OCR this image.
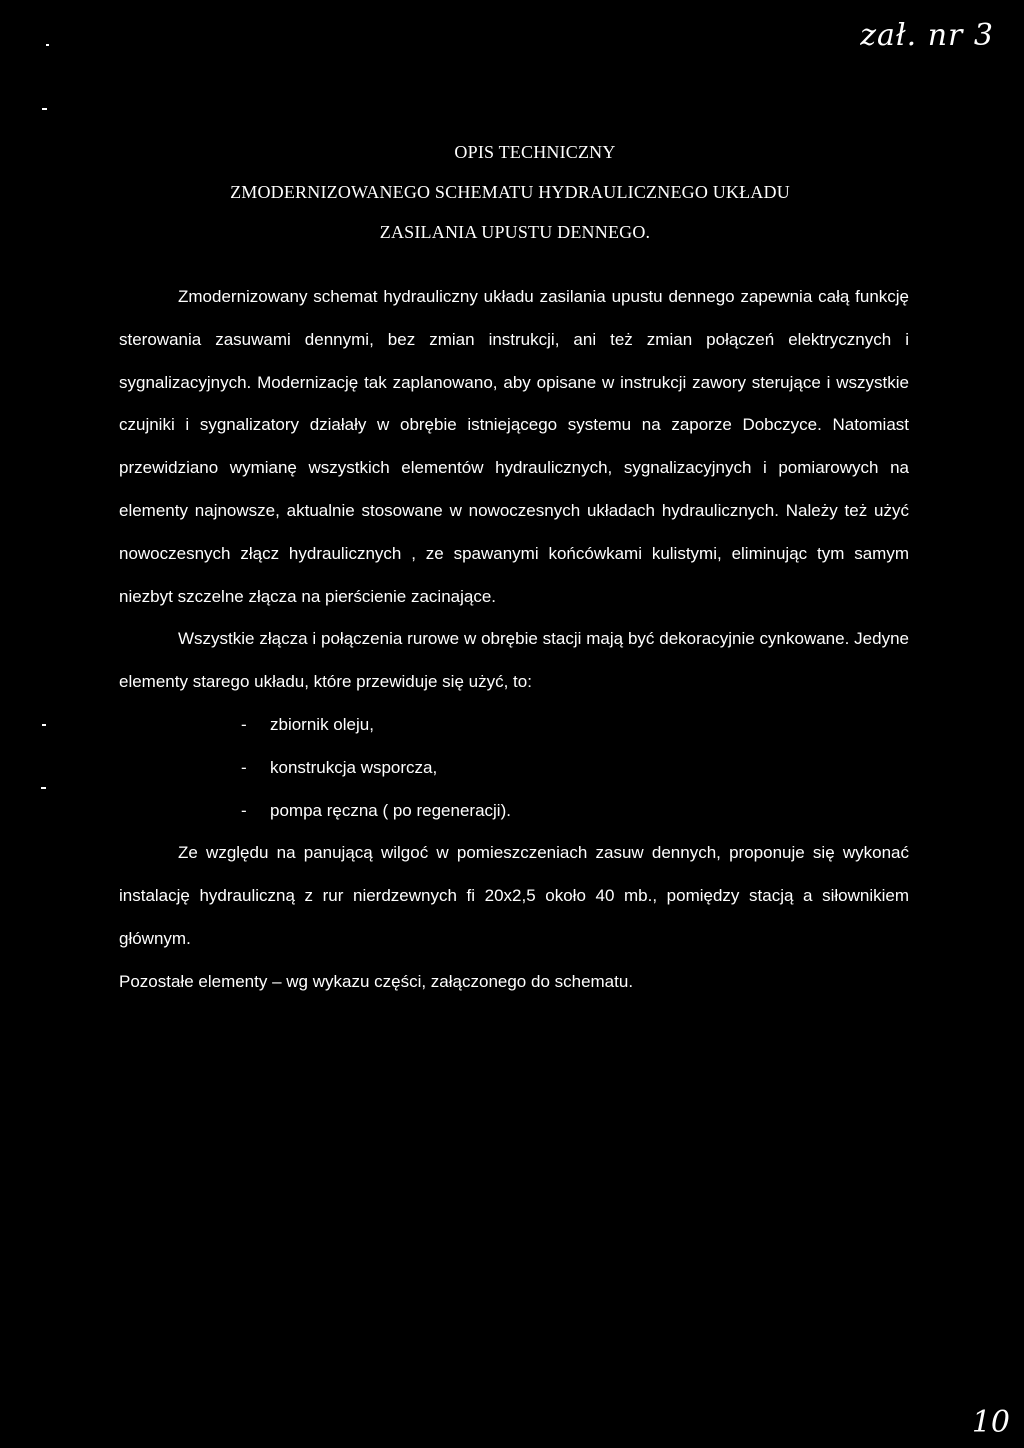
zał. nr 3
OPIS TECHNICZNY
ZMODERNIZOWANEGO SCHEMATU HYDRAULICZNEGO UKŁADU
ZASILANIA UPUSTU DENNEGO.

Zmodernizowany schemat hydrauliczny układu zasilania upustu dennego zapewnia całą funkcję sterowania zasuwami dennymi, bez zmian instrukcji, ani też zmian połączeń elektrycznych i sygnalizacyjnych. Modernizację tak zaplanowano, aby opisane w instrukcji zawory sterujące i wszystkie czujniki i sygnalizatory działały w obrębie istniejącego systemu na zaporze Dobczyce. Natomiast przewidziano wymianę wszystkich elementów hydraulicznych, sygnalizacyjnych i pomiarowych na elementy najnowsze, aktualnie stosowane w nowoczesnych układach hydraulicznych. Należy też użyć nowoczesnych złącz hydraulicznych , ze spawanymi końcówkami kulistymi, eliminując tym samym niezbyt szczelne złącza na pierścienie zacinające.

Wszystkie złącza i połączenia rurowe w obrębie stacji mają być dekoracyjnie cynkowane. Jedyne elementy starego układu, które przewiduje się użyć, to:

- zbiornik oleju,
- konstrukcja wsporcza,
- pompa ręczna ( po regeneracji).

Ze względu na panującą wilgoć w pomieszczeniach zasuw dennych, proponuje się wykonać instalację hydrauliczną z rur nierdzewnych fi 20x2,5 około 40 mb., pomiędzy stacją a siłownikiem głównym.

Pozostałe elementy – wg wykazu części, załączonego do schematu.

10
